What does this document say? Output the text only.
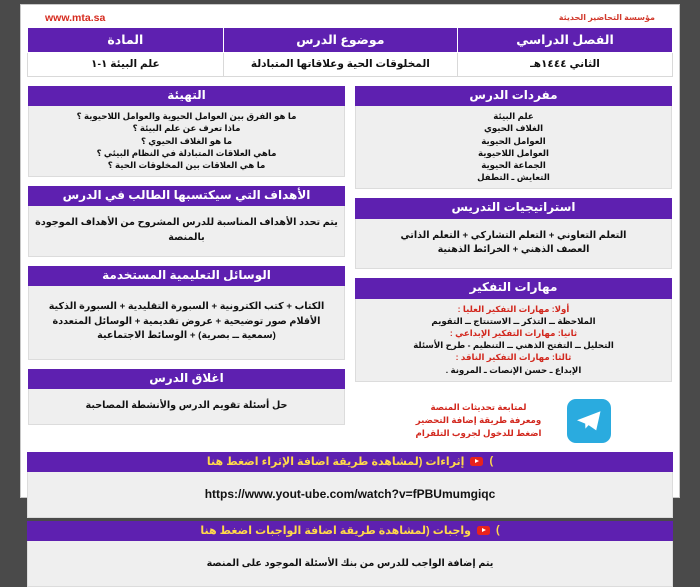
مؤسسة التحاضير الحديثة
www.mta.sa
الفصل الدراسي	موضوع الدرس	المادة
الثاني ١٤٤٤هـ	المخلوقات الحية وعلاقاتها المتبادلة	علم البيئة ١-١
التهيئة

ما هو الفرق بين العوامل الحيوية والعوامل اللاحيوية ؟

ماذا تعرف عن علم البيئة ؟

ما هو الغلاف الحيوي ؟

ماهي العلاقات المتبادلة في النظام البيئي ؟

ما هي العلاقات بين المخلوقات الحية ؟

الأهداف التي سيكتسبها الطالب في الدرس

يتم تحدد الأهداف المناسبة للدرس المشروح من الأهداف الموجودة

بالمنصة

الوسائل التعليمية المستخدمة

الكتاب + كتب الكترونية + السبورة التقليدية + السبورة الذكية

الأقلام صور توضيحية + عروض تقديمية + الوسائل المتعددة

(سمعية ــ بصرية) + الوسائط الاجتماعية

اغلاق الدرس

حل أسئلة تقويم الدرس والأنشطة المصاحبة

مفردات الدرس

علم البيئة

الغلاف الحيوي

العوامل الحيوية

العوامل اللاحيوية

الجماعة الحيوية

التعايش ـ التطفل

استراتيجيات التدريس

التعلم التعاوني + التعلم التشاركي + التعلم الذاتي

العصف الذهني + الخرائط الذهنية

مهارات التفكير

أولا: مهارات التفكير العليا :

الملاحظة ــ التذكر ــ الاستنتاج ــ التقويم

ثانيا: مهارات التفكير الإبداعي :

التحليل ــ التفتح الذهني ــ التنظيم - طرح الأسئلة

ثالثا: مهارات التفكير الناقد :

الإبداع ـ حسن الإنصات ـ المرونة .

لمتابعة تحديثات المنصة

ومعرفة طريقة إضافة التحضير

اضغط للدخول لجروب التلقرام

)
إثراءات (لمشاهدة طريقة اضافة الإثراء اضغط هنا
https://www.yout-ube.com/watch?v=fPBUmumgiqc
)
واجبات (لمشاهدة طريقة اضافة الواجبات اضغط هنا

يتم إضافة الواجب للدرس من بنك الأسئلة الموجود على المنصة
